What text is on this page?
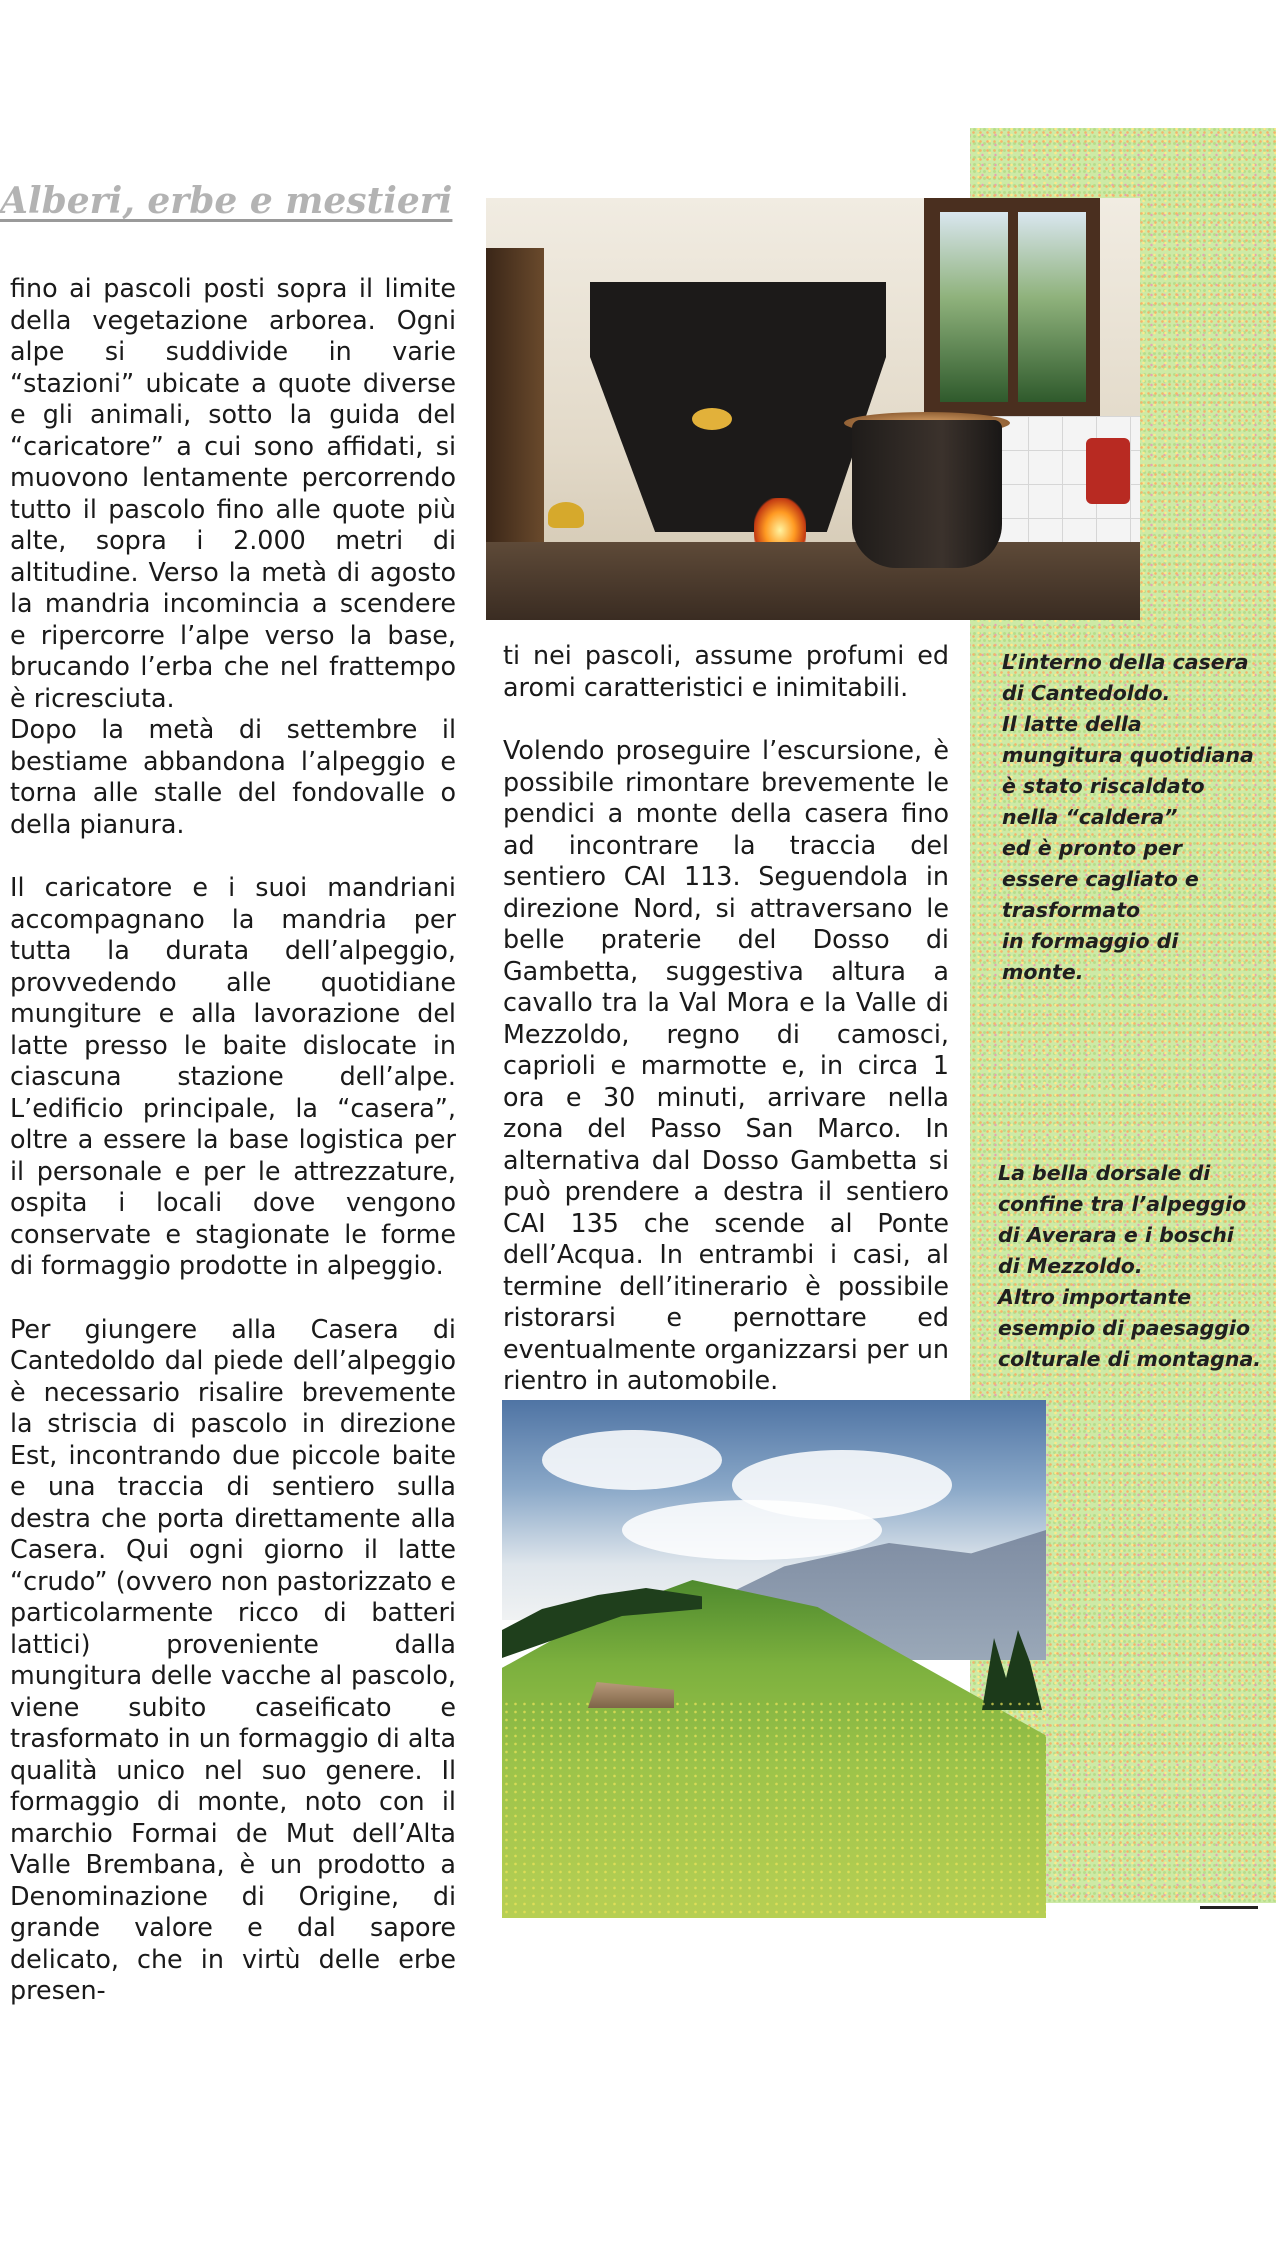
Alberi, erbe e mestieri

fino ai pascoli posti sopra il limite della vegetazione arborea. Ogni alpe si suddivide in varie “stazioni” ubicate a quote diverse e gli animali, sotto la guida del “caricatore” a cui sono affidati, si muovono lentamente percorrendo tutto il pascolo fino alle quote più alte, sopra i 2.000 metri di altitudine. Verso la metà di agosto la mandria incomincia a scendere e ripercorre l’alpe verso la base, brucando l’erba che nel frattempo è ricresciuta.

Dopo la metà di settembre il bestiame abbandona l’alpeggio e torna alle stalle del fondovalle o della pianura.

Il caricatore e i suoi mandriani accompagnano la mandria per tutta la durata dell’alpeggio, provvedendo alle quotidiane mungiture e alla lavorazione del latte presso le baite dislocate in ciascuna stazione dell’alpe. L’edificio principale, la “casera”, oltre a essere la base logistica per il personale e per le attrezzature, ospita i locali dove vengono conservate e stagionate le forme di formaggio prodotte in alpeggio.

Per giungere alla Casera di Cantedoldo dal piede dell’alpeggio è necessario risalire brevemente la striscia di pascolo in direzione Est, incontrando due piccole baite e una traccia di sentiero sulla destra che porta direttamente alla Casera. Qui ogni giorno il latte “crudo” (ovvero non pastorizzato e particolarmente ricco di batteri lattici) proveniente dalla mungitura delle vacche al pascolo, viene subito caseificato e trasformato in un formaggio di alta qualità unico nel suo genere. Il formaggio di monte, noto con il marchio Formai de Mut dell’Alta Valle Brembana, è un prodotto a Denominazione di Origine, di grande valore e dal sapore delicato, che in virtù delle erbe presen-

ti nei pascoli, assume profumi ed aromi caratteristici e inimitabili.

Volendo proseguire l’escursione, è possibile rimontare brevemente le pendici a monte della casera fino ad incontrare la traccia del sentiero CAI 113. Seguendola in direzione Nord, si attraversano le belle praterie del Dosso di Gambetta, suggestiva altura a cavallo tra la Val Mora e la Valle di Mezzoldo, regno di camosci, caprioli e marmotte e, in circa 1 ora e 30 minuti, arrivare nella zona del Passo San Marco. In alternativa dal Dosso Gambetta si può prendere a destra il sentiero CAI 135 che scende al Ponte dell’Acqua. In entrambi i casi, al termine dell’itinerario è possibile ristorarsi e pernottare ed eventualmente organizzarsi per un rientro in automobile.

L’interno della casera
di Cantedoldo.
Il latte della
mungitura quotidiana
è stato riscaldato
nella “caldera”
ed è pronto per
essere cagliato e
trasformato
in formaggio di
monte.
La bella dorsale di
confine tra l’alpeggio
di Averara e i boschi
di Mezzoldo.
Altro importante
esempio di paesaggio
colturale di montagna.
